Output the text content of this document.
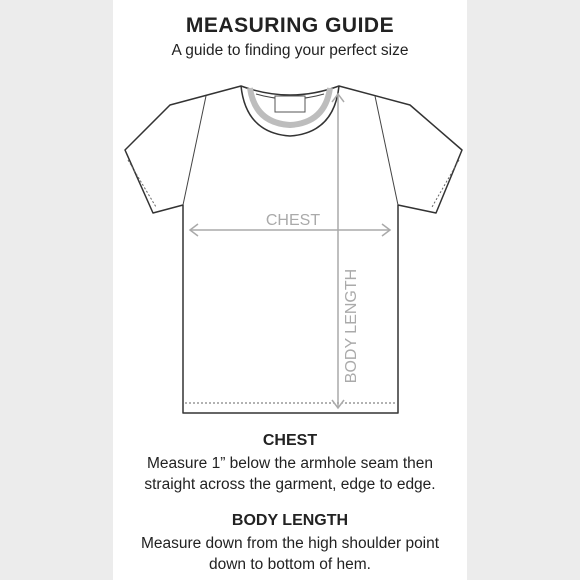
MEASURING GUIDE
A guide to finding your perfect size
CHEST
BODY LENGTH
CHEST
Measure 1” below the armhole seam then
straight across the garment, edge to edge.
BODY LENGTH
Measure down from the high shoulder point
down to bottom of hem.
